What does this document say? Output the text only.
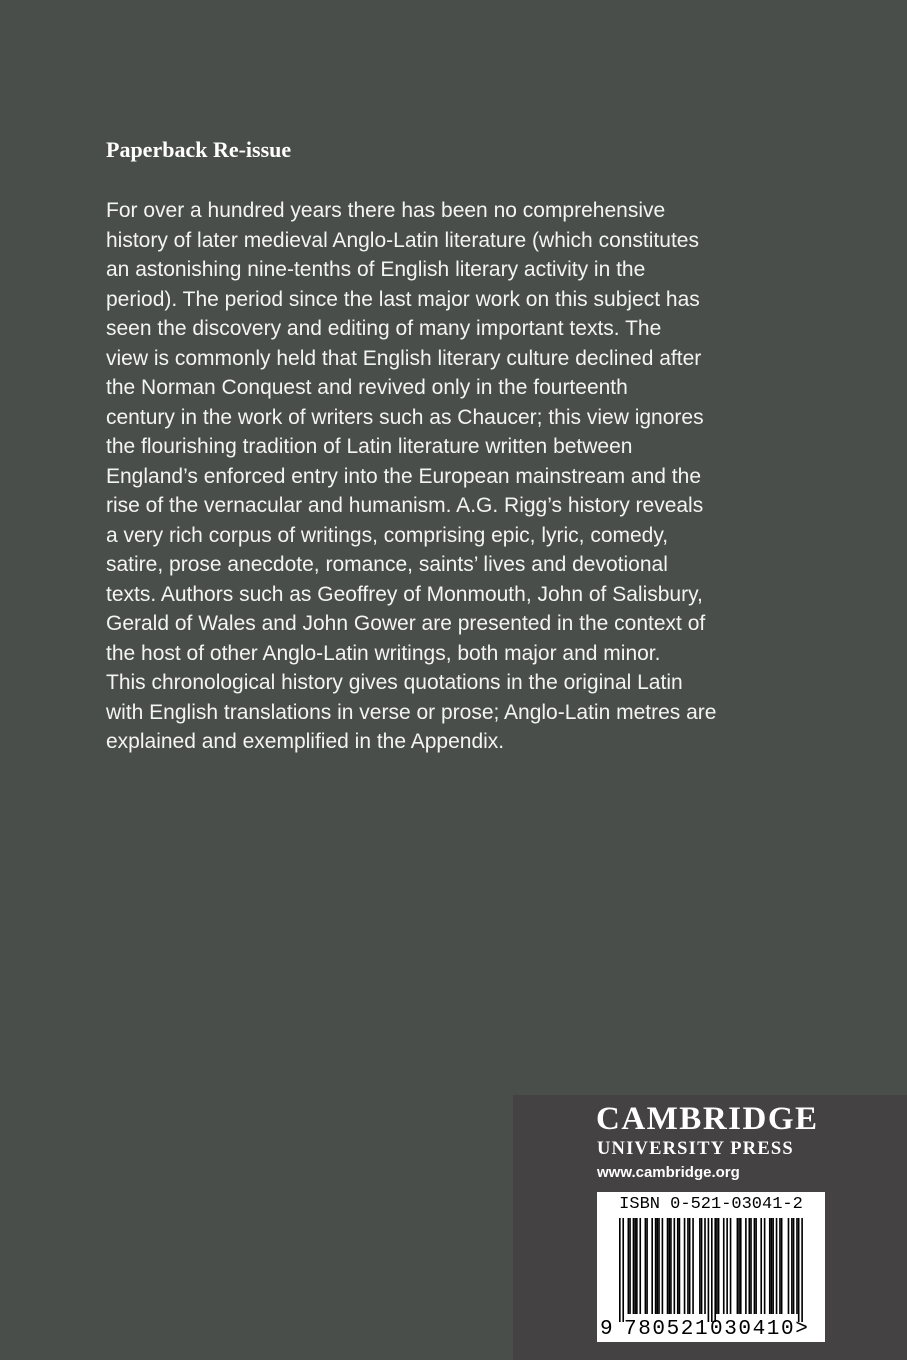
Paperback Re-issue
For over a hundred years there has been no comprehensive
history of later medieval Anglo-Latin literature (which constitutes
an astonishing nine-tenths of English literary activity in the
period). The period since the last major work on this subject has
seen the discovery and editing of many important texts. The
view is commonly held that English literary culture declined after
the Norman Conquest and revived only in the fourteenth
century in the work of writers such as Chaucer; this view ignores
the flourishing tradition of Latin literature written between
England’s enforced entry into the European mainstream and the
rise of the vernacular and humanism. A.G. Rigg’s history reveals
a very rich corpus of writings, comprising epic, lyric, comedy,
satire, prose anecdote, romance, saints’ lives and devotional
texts. Authors such as Geoffrey of Monmouth, John of Salisbury,
Gerald of Wales and John Gower are presented in the context of
the host of other Anglo-Latin writings, both major and minor.
This chronological history gives quotations in the original Latin
with English translations in verse or prose; Anglo-Latin metres are
explained and exemplified in the Appendix.
CAMBRIDGE
UNIVERSITY PRESS
www.cambridge.org
ISBN 0-521-03041-2
9 780521 030410>
